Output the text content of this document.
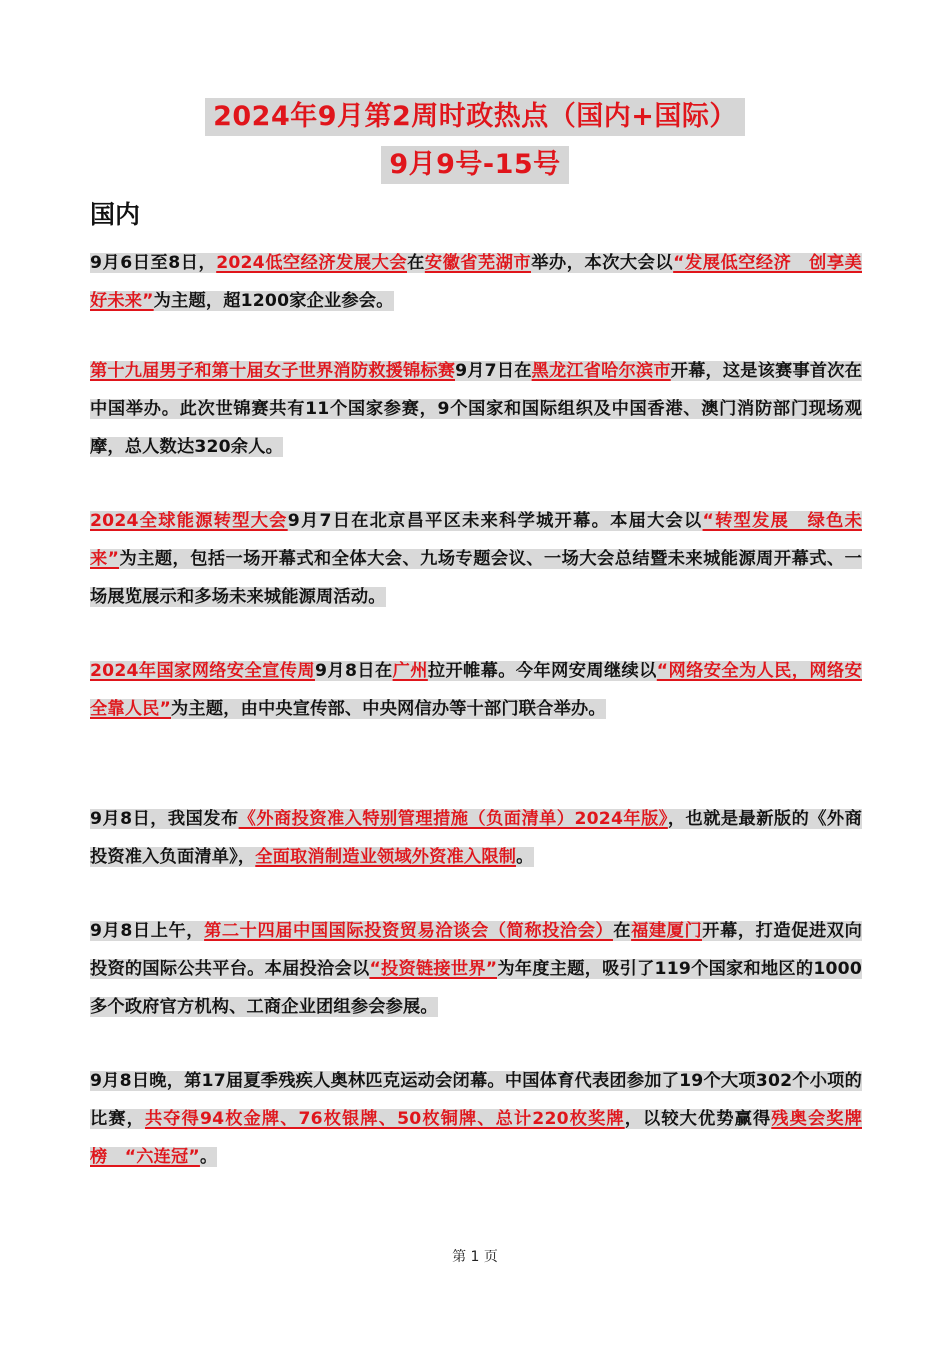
2024年9月第2周时政热点（国内+国际）
9月9号-15号
国内
9月6日至8日，2024低空经济发展大会在安徽省芜湖市举办，本次大会以“发展低空经济　创享美好未来”为主题，超1200家企业参会。
第十九届男子和第十届女子世界消防救援锦标赛9月7日在黑龙江省哈尔滨市开幕，这是该赛事首次在中国举办。此次世锦赛共有11个国家参赛，9个国家和国际组织及中国香港、澳门消防部门现场观摩，总人数达320余人。
2024全球能源转型大会9月7日在北京昌平区未来科学城开幕。本届大会以“转型发展　绿色未来”为主题，包括一场开幕式和全体大会、九场专题会议、一场大会总结暨未来城能源周开幕式、一场展览展示和多场未来城能源周活动。
2024年国家网络安全宣传周9月8日在广州拉开帷幕。今年网安周继续以“网络安全为人民，网络安全靠人民”为主题，由中央宣传部、中央网信办等十部门联合举办。
9月8日，我国发布《外商投资准入特别管理措施（负面清单）2024年版》，也就是最新版的《外商投资准入负面清单》，全面取消制造业领域外资准入限制。
9月8日上午，第二十四届中国国际投资贸易洽谈会（简称投洽会）在福建厦门开幕，打造促进双向投资的国际公共平台。本届投洽会以“投资链接世界”为年度主题，吸引了119个国家和地区的1000多个政府官方机构、工商企业团组参会参展。
9月8日晚，第17届夏季残疾人奥林匹克运动会闭幕。中国体育代表团参加了19个大项302个小项的比赛，共夺得94枚金牌、76枚银牌、50枚铜牌、总计220枚奖牌，以较大优势赢得残奥会奖牌榜　“六连冠”。
第 1 页
